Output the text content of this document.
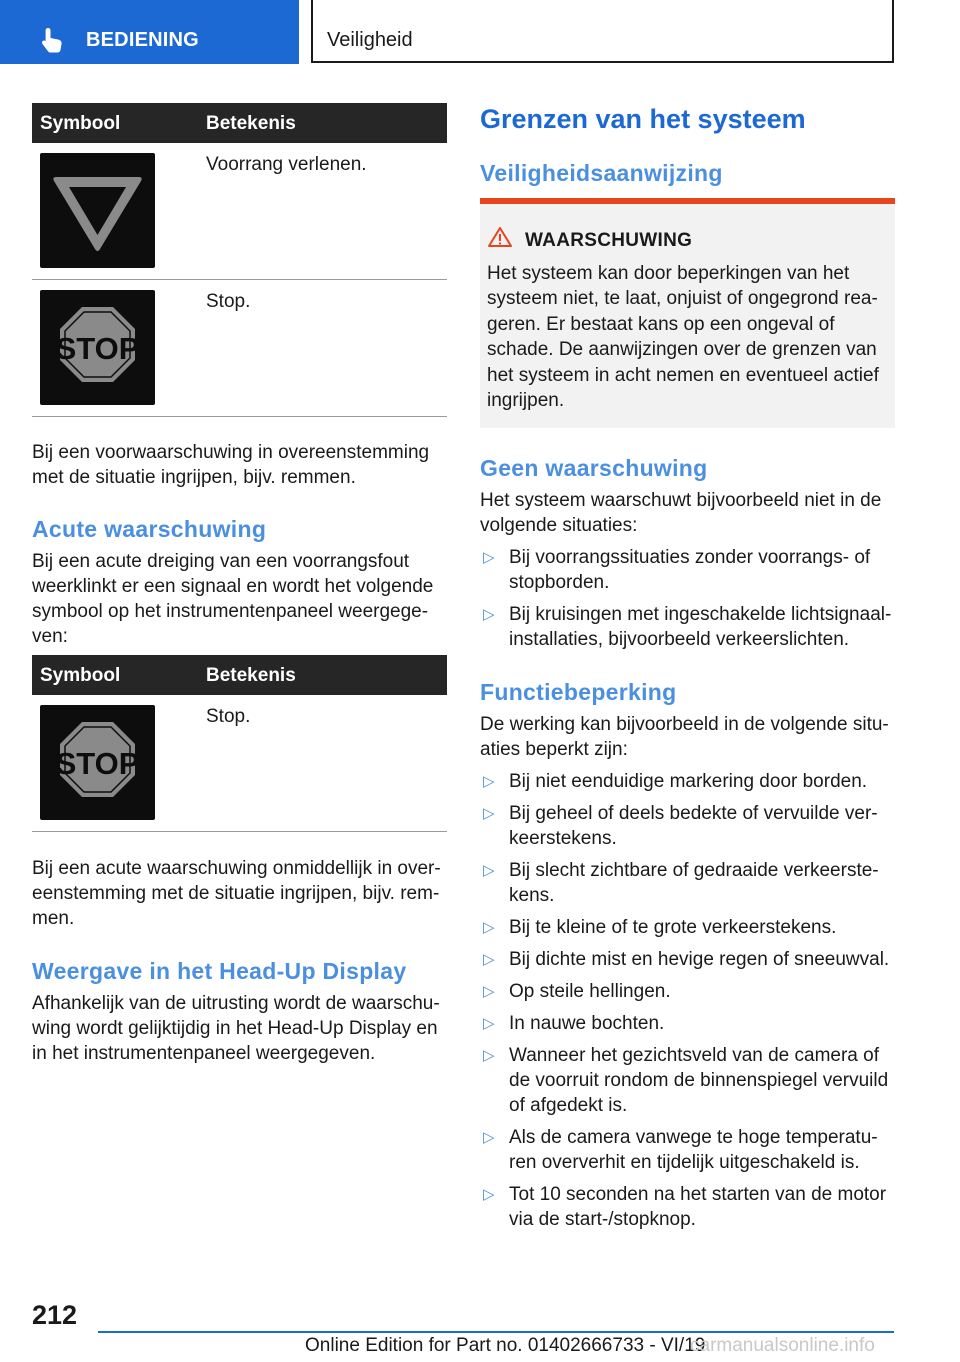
BEDIENING	Veiligheid
Symbool	Betekenis
Voorrang verlenen.
STOP
Stop.

Bij een voorwaarschuwing in overeenstemming met de situatie ingrijpen, bijv. remmen.

Acute waarschuwing

Bij een acute dreiging van een voorrangsfout weerklinkt er een signaal en wordt het volgende symbool op het instrumentenpaneel weergege‐ven:

Symbool	Betekenis
STOP
Stop.

Bij een acute waarschuwing onmiddellijk in over‐eenstemming met de situatie ingrijpen, bijv. rem‐men.

Weergave in het Head-Up Display

Afhankelijk van de uitrusting wordt de waarschu‐wing wordt gelijktijdig in het Head-Up Display en in het instrumentenpaneel weergegeven.

Grenzen van het systeem
Veiligheidsaanwijzing
WAARSCHUWING

Het systeem kan door beperkingen van het systeem niet, te laat, onjuist of ongegrond rea‐geren. Er bestaat kans op een ongeval of schade. De aanwijzingen over de grenzen van het systeem in acht nemen en eventueel actief ingrijpen.

Geen waarschuwing

Het systeem waarschuwt bijvoorbeeld niet in de volgende situaties:

▷ Bij voorrangssituaties zonder voorrangs- of stopborden.
▷ Bij kruisingen met ingeschakelde lichtsignaal‐installaties, bijvoorbeeld verkeerslichten.
Functiebeperking

De werking kan bijvoorbeeld in de volgende situ‐aties beperkt zijn:

▷ Bij niet eenduidige markering door borden.
▷ Bij geheel of deels bedekte of vervuilde ver‐keerstekens.
▷ Bij slecht zichtbare of gedraaide verkeerste‐kens.
▷ Bij te kleine of te grote verkeerstekens.
▷ Bij dichte mist en hevige regen of sneeuwval.
▷ Op steile hellingen.
▷ In nauwe bochten.
▷ Wanneer het gezichtsveld van de camera of de voorruit rondom de binnenspiegel vervuild of afgedekt is.
▷ Als de camera vanwege te hoge temperatu‐ren oververhit en tijdelijk uitgeschakeld is.
▷ Tot 10 seconden na het starten van de motor via de start-/stopknop.
212
Online Edition for Part no. 01402666733 - VI/19
carmanualsonline.info
